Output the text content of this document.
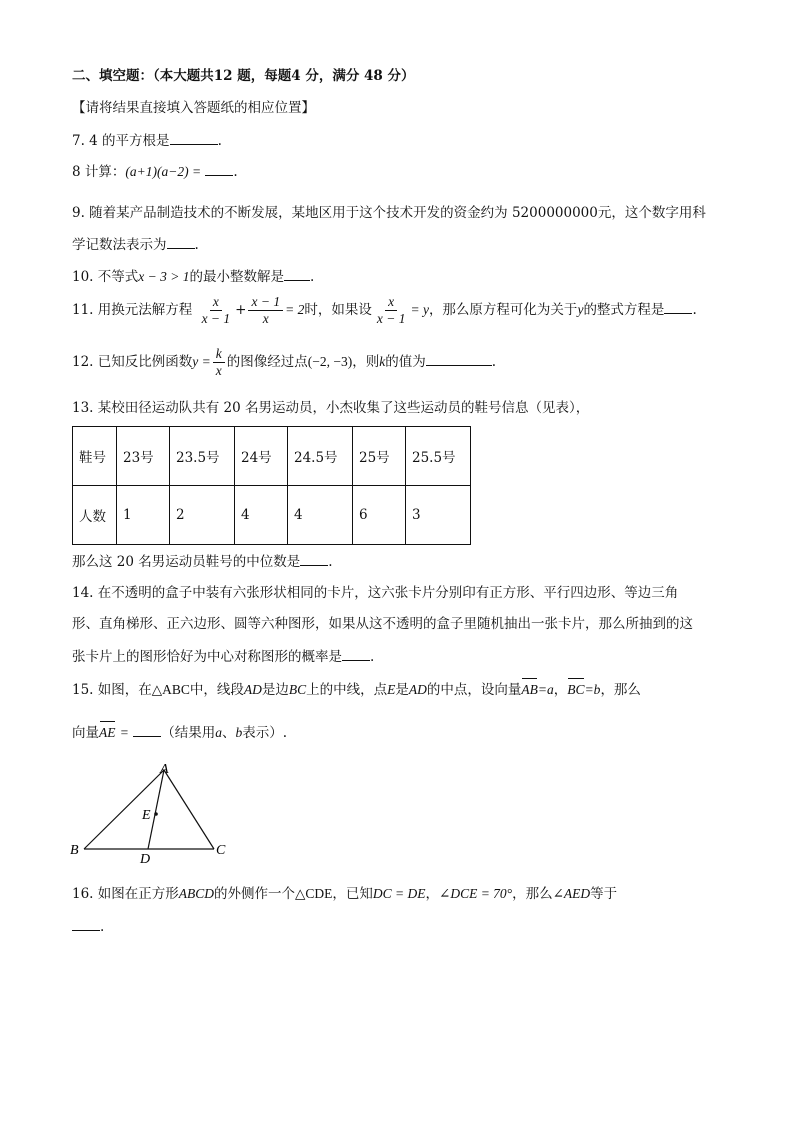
二、填空题：（本大题共12 题，每题4 分，满分 48 分）
【请将结果直接填入答题纸的相应位置】
7. 4 的平方根是	.
8 计算：(a+1)(a−2) = .
9. 随着某产品制造技术的不断发展，某地区用于这个技术开发的资金约为 5200000000元，这个数字用科
学记数法表示为 .
10. 不等式x − 3 > 1的最小整数解是 .
11. 用换元法解方程 $\frac{x}{x - 1} + \frac{x - 1}{x} = 2$时，如果设 $\frac{x}{x - 1} = y$，那么原方程可化为关于y的整式方程是 .
12. 已知反比例函数$y = \frac{k}{x}$ 的图像经过点(−2, −3)，则k的值为	.
13. 某校田径运动队共有 20 名男运动员，小杰收集了这些运动员的鞋号信息（见表），
鞋号	23号	23.5号	24号	24.5号	25号	25.5号
人数	1	2	4	4	6	3
那么这 20 名男运动员鞋号的中位数是 .
14. 在不透明的盒子中装有六张形状相同的卡片，这六张卡片分别印有正方形、平行四边形、等边三角
形、直角梯形、正六边形、圆等六种图形，如果从这不透明的盒子里随机抽出一张卡片，那么所抽到的这
张卡片上的图形恰好为中心对称图形的概率是 .
15. 如图，在△ABC中，线段AD是边BC上的中线，点E是AD的中点，设向量AB=a，BC=b，那么
向量AE = （结果用a、b表示）.
A
B	C
D
E
16. 如图在正方形ABCD的外侧作一个△CDE，已知DC = DE，∠DCE = 70°，那么∠AED等于
.
